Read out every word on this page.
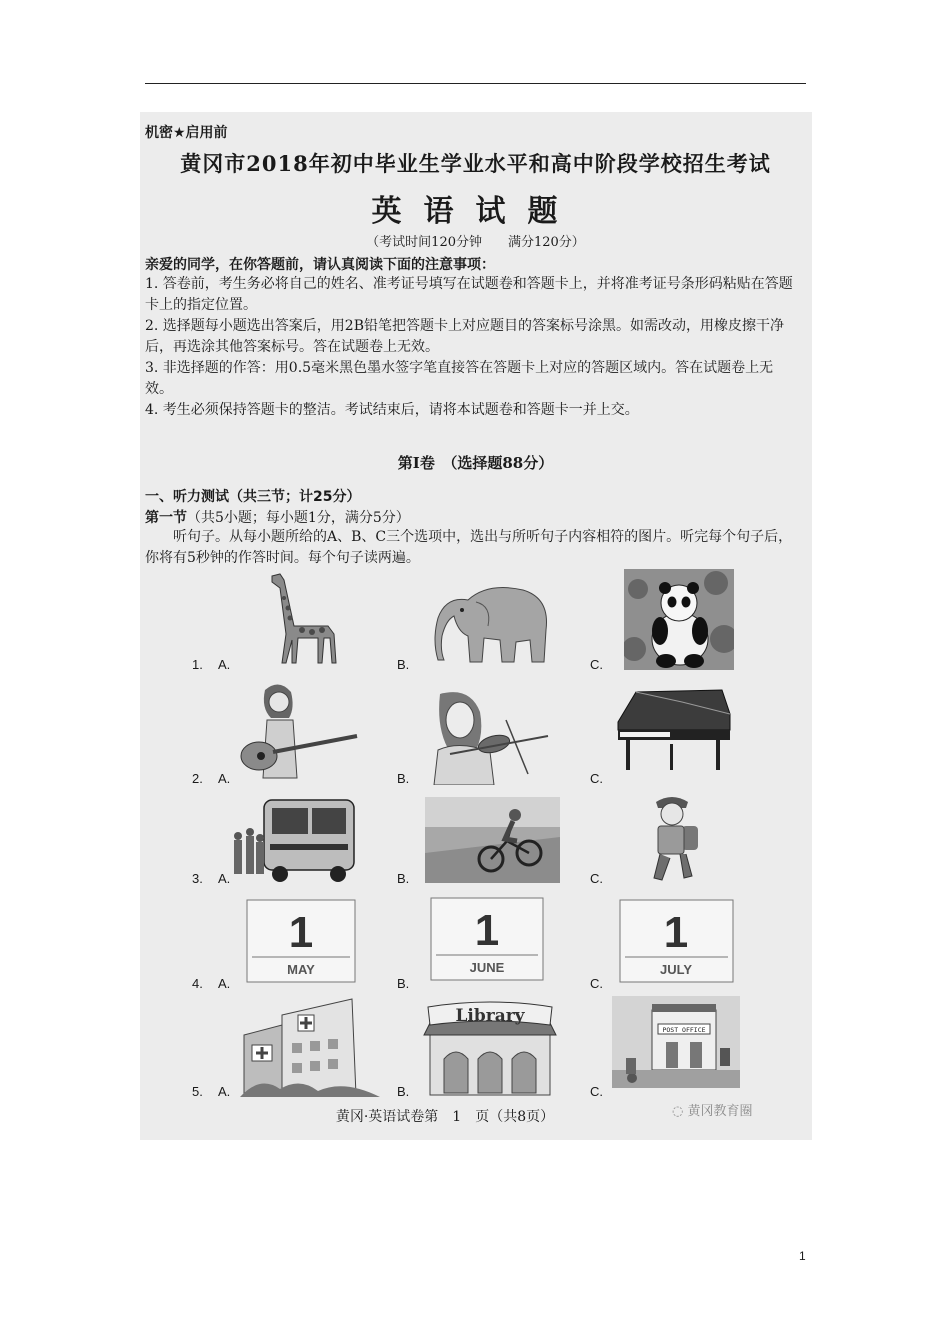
机密★启用前
黄冈市2018年初中毕业生学业水平和高中阶段学校招生考试
英语试题
（考试时间120分钟　　满分120分）
亲爱的同学，在你答题前，请认真阅读下面的注意事项：
1. 答卷前，考生务必将自己的姓名、准考证号填写在试题卷和答题卡上，并将准考证号条形码粘贴在答题卡上的指定位置。
2. 选择题每小题选出答案后，用2B铅笔把答题卡上对应题目的答案标号涂黑。如需改动，用橡皮擦干净后，再选涂其他答案标号。答在试题卷上无效。
3. 非选择题的作答：用0.5毫米黑色墨水签字笔直接答在答题卡上对应的答题区域内。答在试题卷上无效。
4. 考生必须保持答题卡的整洁。考试结束后，请将本试题卷和答题卡一并上交。
第Ⅰ卷　（选择题88分）
一、听力测试（共三节；计25分）
第一节（共5小题；每小题1分，满分5分）
听句子。从每小题所给的A、B、C三个选项中，选出与所听句子内容相符的图片。听完每个句子后，你将有5秒钟的作答时间。每个句子读两遍。
1. A.	B.	C.
2. A.	B.	C.
3. A.	B.	C.
4. A.	B.	C.
1
MAY
1
JUNE
1
JULY
5. A.	B.	C.
Library
POST OFFICE
黄冈·英语试卷第　1　页（共8页）	◌ 黄冈教育圈
1
